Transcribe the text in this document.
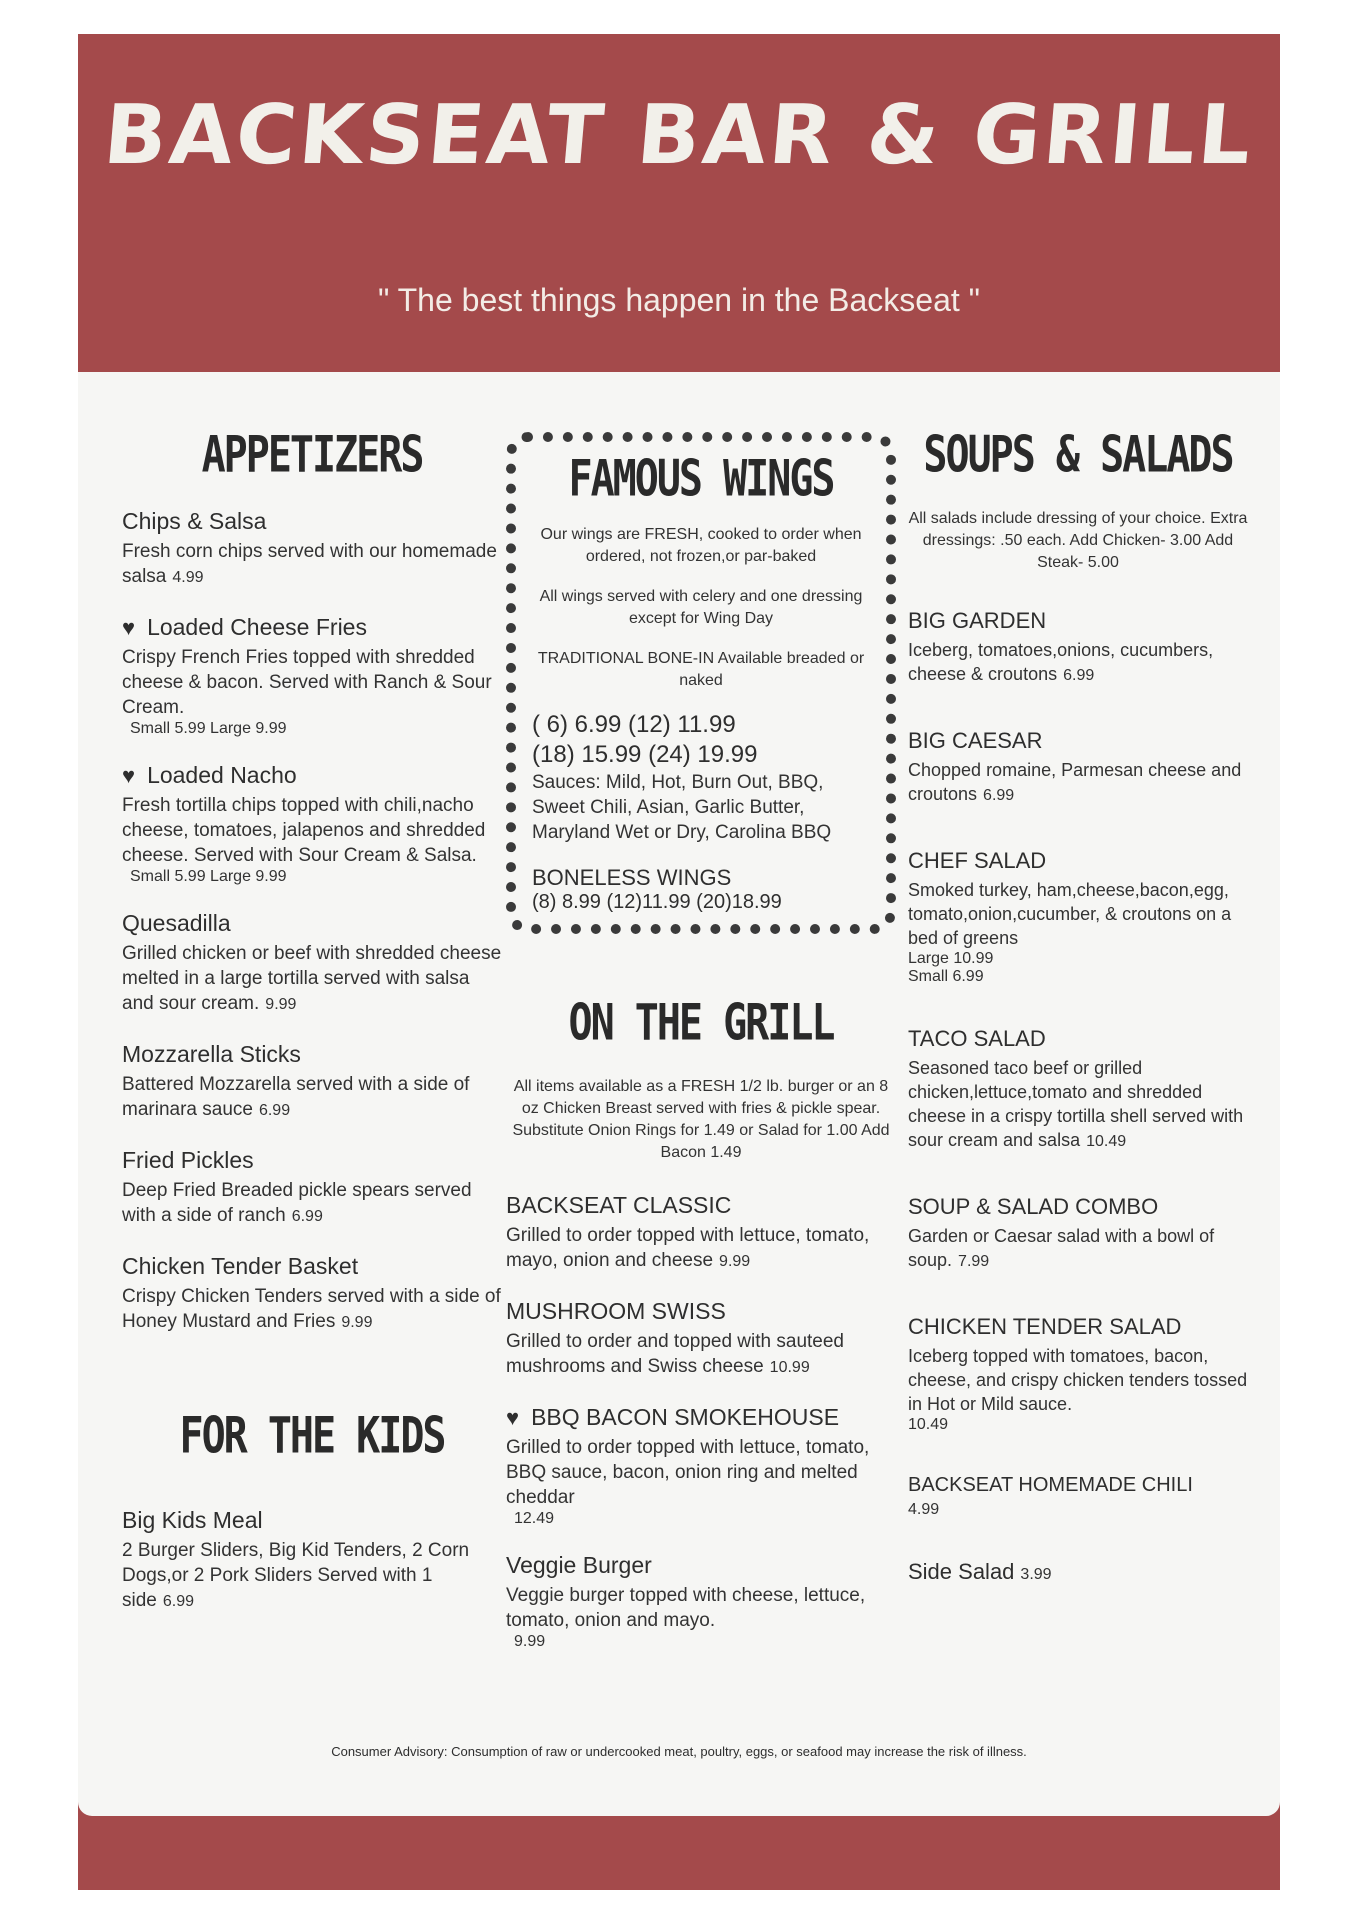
BACKSEAT BAR & GRILL
" The best things happen in the Backseat "
APPETIZERS
Chips & Salsa
Fresh corn chips served with our homemade salsa 4.99
♥ Loaded Cheese Fries
Crispy French Fries topped with shredded cheese & bacon. Served with Ranch & Sour Cream.
Small 5.99 Large 9.99
♥ Loaded Nacho
Fresh tortilla chips topped with chili,nacho cheese, tomatoes, jalapenos and shredded cheese. Served with Sour Cream & Salsa.
Small 5.99 Large 9.99
Quesadilla
Grilled chicken or beef with shredded cheese melted in a large tortilla served with salsa and sour cream. 9.99
Mozzarella Sticks
Battered Mozzarella served with a side of marinara sauce 6.99
Fried Pickles
Deep Fried Breaded pickle spears served with a side of ranch 6.99
Chicken Tender Basket
Crispy Chicken Tenders served with a side of Honey Mustard and Fries 9.99
FOR THE KIDS
Big Kids Meal
2 Burger Sliders, Big Kid Tenders, 2 Corn Dogs,or 2 Pork Sliders Served with 1 side 6.99
FAMOUS WINGS
Our wings are FRESH, cooked to order when ordered, not frozen,or par-baked
All wings served with celery and one dressing except for Wing Day
TRADITIONAL BONE-IN Available breaded or naked
( 6) 6.99 (12) 11.99
(18) 15.99 (24) 19.99
Sauces: Mild, Hot, Burn Out, BBQ, Sweet Chili, Asian, Garlic Butter, Maryland Wet or Dry, Carolina BBQ
BONELESS WINGS
(8) 8.99 (12)11.99 (20)18.99
ON THE GRILL
All items available as a FRESH 1/2 lb. burger or an 8 oz Chicken Breast served with fries & pickle spear. Substitute Onion Rings for 1.49 or Salad for 1.00 Add Bacon 1.49
BACKSEAT CLASSIC
Grilled to order topped with lettuce, tomato, mayo, onion and cheese 9.99
MUSHROOM SWISS
Grilled to order and topped with sauteed mushrooms and Swiss cheese 10.99
♥ BBQ BACON SMOKEHOUSE
Grilled to order topped with lettuce, tomato, BBQ sauce, bacon, onion ring and melted cheddar
12.49
Veggie Burger
Veggie burger topped with cheese, lettuce, tomato, onion and mayo.
9.99
SOUPS & SALADS
All salads include dressing of your choice. Extra dressings: .50 each. Add Chicken- 3.00 Add Steak- 5.00
BIG GARDEN
Iceberg, tomatoes,onions, cucumbers, cheese & croutons 6.99
BIG CAESAR
Chopped romaine, Parmesan cheese and croutons 6.99
CHEF SALAD
Smoked turkey, ham,cheese,bacon,egg, tomato,onion,cucumber, & croutons on a bed of greens
Large 10.99
Small 6.99
TACO SALAD
Seasoned taco beef or grilled chicken,lettuce,tomato and shredded cheese in a crispy tortilla shell served with sour cream and salsa 10.49
SOUP & SALAD COMBO
Garden or Caesar salad with a bowl of soup. 7.99
CHICKEN TENDER SALAD
Iceberg topped with tomatoes, bacon, cheese, and crispy chicken tenders tossed in Hot or Mild sauce.
10.49
BACKSEAT HOMEMADE CHILI
4.99
Side Salad 3.99
Consumer Advisory: Consumption of raw or undercooked meat, poultry, eggs, or seafood may increase the risk of illness.
